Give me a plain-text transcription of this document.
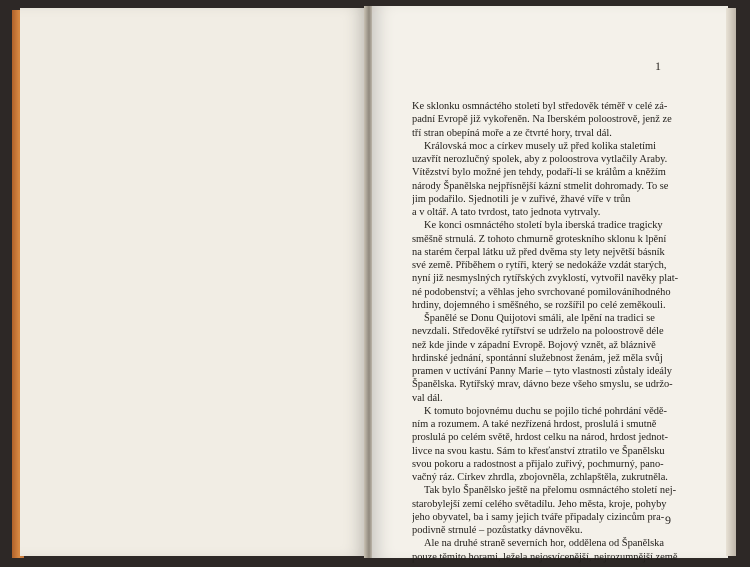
1

Ke sklonku osmnáctého století byl středověk téměř v celé zá-
padní Evropě již vykořeněn. Na Iberském poloostrově, jenž ze
tří stran obepíná moře a ze čtvrté hory, trval dál.

Královská moc a církev musely už před kolika staletími
uzavřít nerozlučný spolek, aby z poloostrova vytlačily Araby.
Vítězství bylo možné jen tehdy, podaří-li se králům a kněžím
národy Španělska nejpřísnější kázní stmelit dohromady. To se
jim podařilo. Sjednotili je v zuřivé, žhavé víře v trůn
a v oltář. A tato tvrdost, tato jednota vytrvaly.

Ke konci osmnáctého století byla iberská tradice tragicky
směšně strnulá. Z tohoto chmurně groteskního sklonu k lpění
na starém čerpal látku už před dvěma sty lety největší básník
své země. Příběhem o rytíři, který se nedokáže vzdát starých,
nyní již nesmyslných rytířských zvyklostí, vytvořil navěky plat-
né podobenství; a věhlas jeho svrchované pomilováníhodného
hrdiny, dojemného i směšného, se rozšířil po celé zeměkouli.

Španělé se Donu Quijotovi smáli, ale lpění na tradici se
nevzdali. Středověké rytířství se udrželo na poloostrově déle
než kde jinde v západní Evropě. Bojový vznět, až bláznivě
hrdinské jednání, spontánní služebnost ženám, jež měla svůj
pramen v uctívání Panny Marie – tyto vlastnosti zůstaly ideály
Španělska. Rytířský mrav, dávno beze všeho smyslu, se udržo-
val dál.

K tomuto bojovnému duchu se pojilo tiché pohrdání vědě-
ním a rozumem. A také nezřízená hrdost, proslulá i smutně
proslulá po celém světě, hrdost celku na národ, hrdost jednot-
livce na svou kastu. Sám to křesťanství ztratilo ve Španělsku
svou pokoru a radostnost a přijalo zuřivý, pochmurný, pano-
vačný ráz. Církev zhrdla, zbojovněla, zchlapštěla, zukrutněla.

Tak bylo Španělsko ještě na přelomu osmnáctého století nej-
starobylejší zemí celého světadílu. Jeho města, kroje, pohyby
jeho obyvatel, ba i samy jejich tváře připadaly cizincům pra-
podivně strnulé – pozůstatky dávnověku.

Ale na druhé straně severních hor, oddělena od Španělska
pouze těmito horami, ležela nejosvícenější, nejrozumnější země

9
